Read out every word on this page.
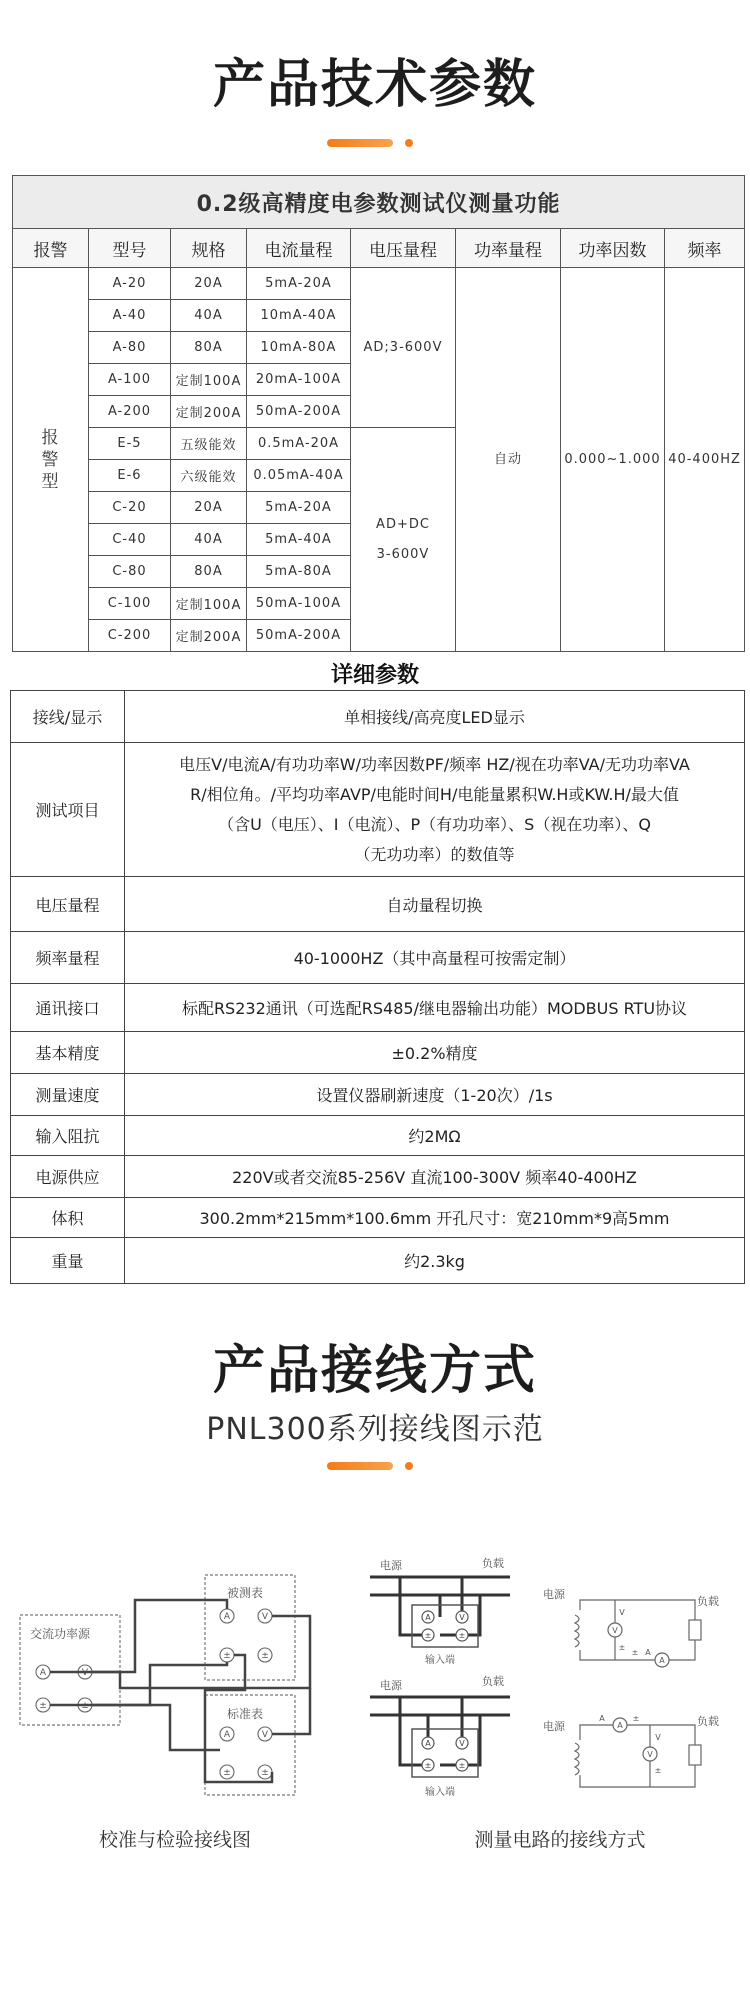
产品技术参数
0.2级高精度电参数测试仪测量功能							
报警	型号	规格	电流量程	电压量程	功率量程	功率因数	频率

报警型	A-20	20A	5mA-20A	AD;3-600V	自动	0.000~1.000	40-400HZ
	A-40	40A	10mA-40A				
	A-80	80A	10mA-80A				
	A-100	定制100A	20mA-100A				
	A-200	定制200A	50mA-200A				
	E-5	五级能效	0.5mA-20A	AD+DC
3-600V			

	E-6	六级能效	0.05mA-40A				
	C-20	20A	5mA-20A				
	C-40	40A	5mA-40A				
	C-80	80A	5mA-80A				
	C-100	定制100A	50mA-100A				
	C-200	定制200A	50mA-200A				
详细参数
接线/显示	单相接线/高亮度LED显示
测试项目	电压V/电流A/有功功率W/功率因数PF/频率 HZ/视在功率VA/无功功率VA
R/相位角。/平均功率AVP/电能时间H/电能量累积W.H或KW.H/最大值
（含U（电压）、I（电流）、P（有功功率）、S（视在功率）、Q
（无功功率）的数值等

电压量程	自动量程切换
频率量程	40-1000HZ（其中高量程可按需定制）
通讯接口	标配RS232通讯（可选配RS485/继电器输出功能）MODBUS RTU协议
基本精度	±0.2%精度
测量速度	设置仪器刷新速度（1-20次）/1s
输入阻抗	约2MΩ
电源供应	220V或者交流85-256V 直流100-300V 频率40-400HZ
体积	300.2mm*215mm*100.6mm 开孔尺寸：宽210mm*9高5mm
重量	约2.3kg
产品接线方式
PNL300系列接线图示范
交流功率源
被测表
标准表
A	V
±	±
A	V
±	±
A	V
±	±
电源	负载
A	V
±	±
输入端
电源	负载
A	V
±	±
输入端
电源
负载
V
A
V
±
± A
电源	负载
V
A
A
V
±
±
校准与检验接线图	测量电路的接线方式
